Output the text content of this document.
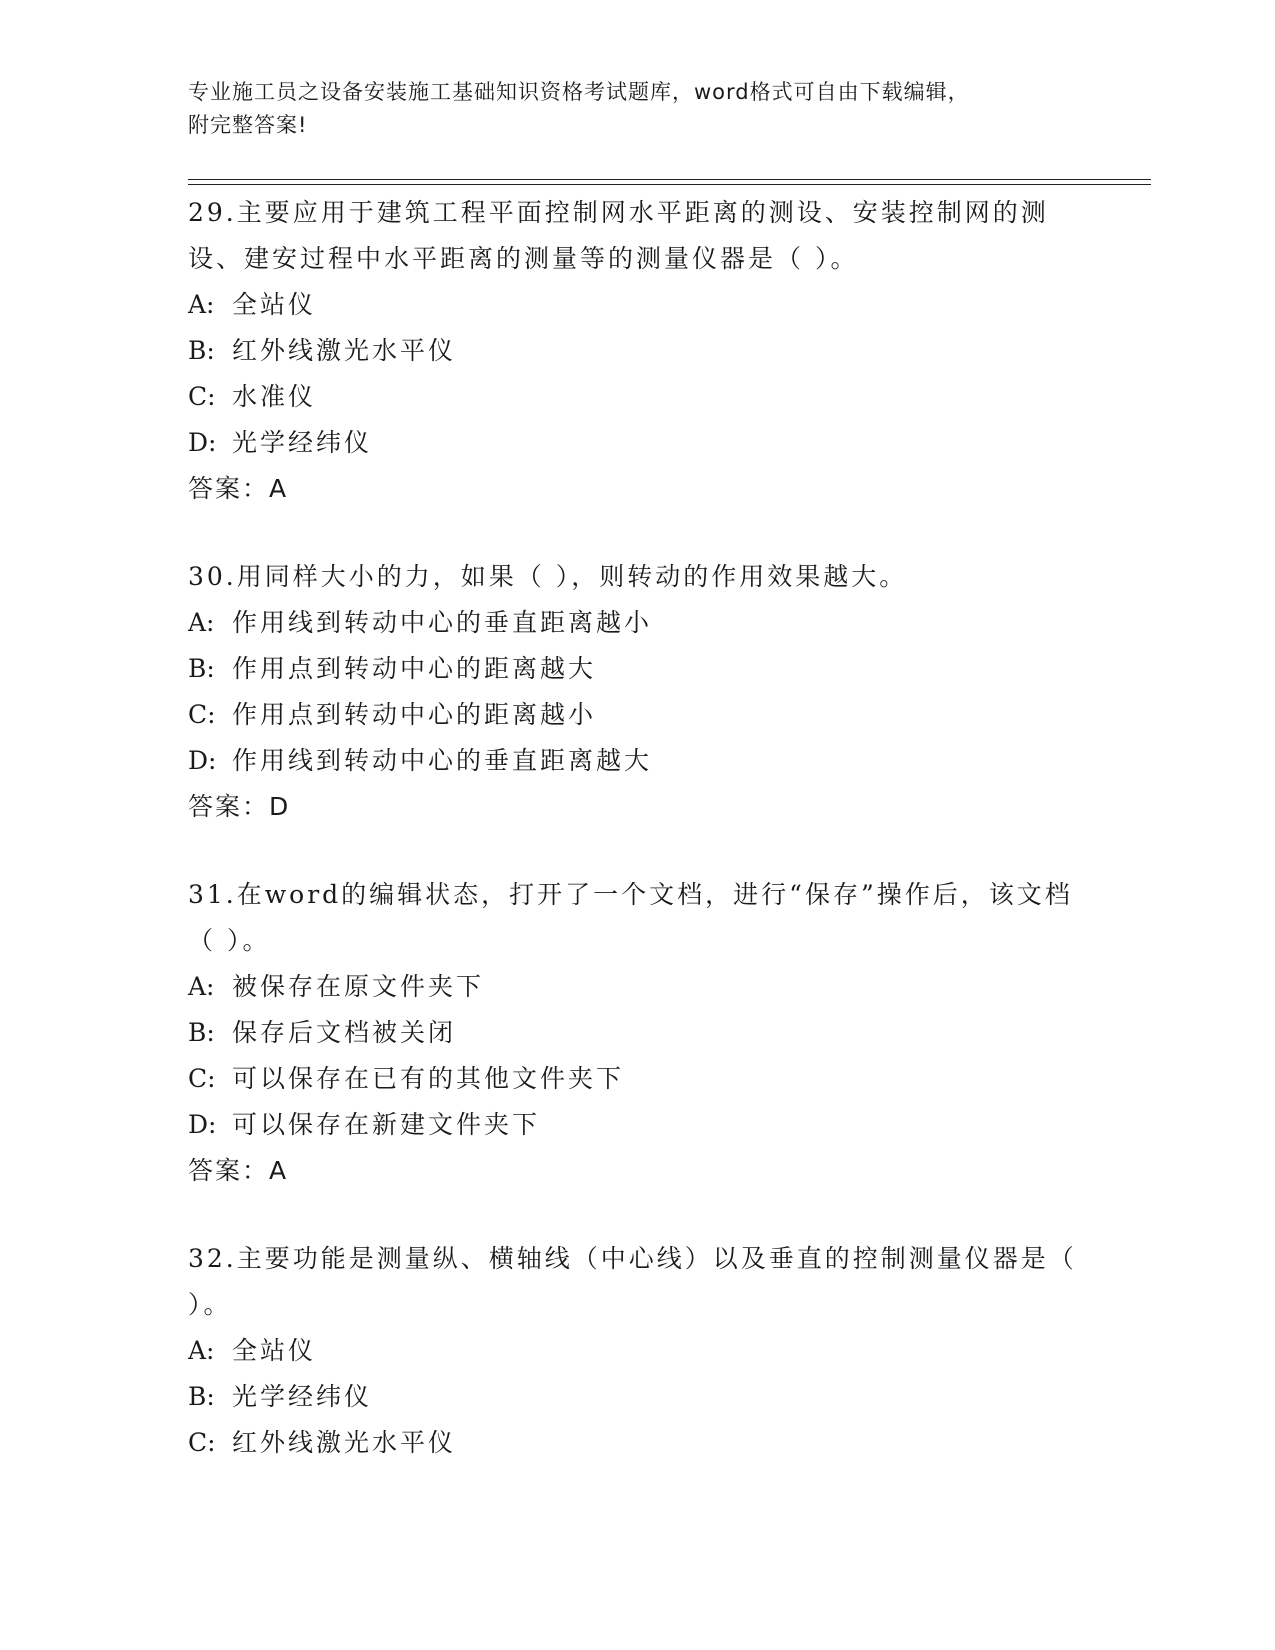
专业施工员之设备安装施工基础知识资格考试题库，word格式可自由下载编辑，
附完整答案!

29.主要应用于建筑工程平面控制网水平距离的测设、安装控制网的测设、建安过程中水平距离的测量等的测量仪器是（ ）。

A: 全站仪

B: 红外线激光水平仪

C: 水准仪

D: 光学经纬仪

答案：A

30.用同样大小的力，如果（ ），则转动的作用效果越大。

A: 作用线到转动中心的垂直距离越小

B: 作用点到转动中心的距离越大

C: 作用点到转动中心的距离越小

D: 作用线到转动中心的垂直距离越大

答案：D

31.在word的编辑状态，打开了一个文档，进行“保存”操作后，该文档（ ）。

A: 被保存在原文件夹下

B: 保存后文档被关闭

C: 可以保存在已有的其他文件夹下

D: 可以保存在新建文件夹下

答案：A

32.主要功能是测量纵、横轴线（中心线）以及垂直的控制测量仪器是（ ）。

A: 全站仪

B: 光学经纬仪

C: 红外线激光水平仪
